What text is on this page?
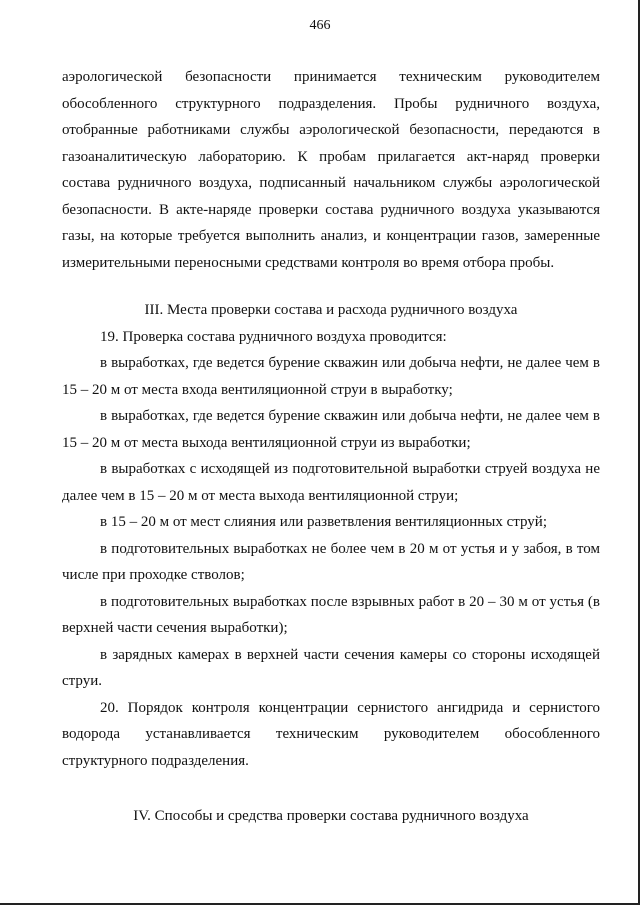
466

аэрологической безопасности принимается техническим руководителем обособленного структурного подразделения. Пробы рудничного воздуха, отобранные работниками службы аэрологической безопасности, передаются в газоаналитическую лабораторию. К пробам прилагается акт-наряд проверки состава рудничного воздуха, подписанный начальником службы аэрологической безопасности. В акте-наряде проверки состава рудничного воздуха указываются газы, на которые требуется выполнить анализ, и концентрации газов, замеренные измерительными переносными средствами контроля во время отбора пробы.

III. Места проверки состава и расхода рудничного воздуха

19. Проверка состава рудничного воздуха проводится:

в выработках, где ведется бурение скважин или добыча нефти, не далее чем в 15 – 20 м от места входа вентиляционной струи в выработку;

в выработках, где ведется бурение скважин или добыча нефти, не далее чем в 15 – 20 м от места выхода вентиляционной струи из выработки;

в выработках с исходящей из подготовительной выработки струей воздуха не далее чем в 15 – 20 м от места выхода вентиляционной струи;

в 15 – 20 м от мест слияния или разветвления вентиляционных струй;

в подготовительных выработках не более чем в 20 м от устья и у забоя, в том числе при проходке стволов;

в подготовительных выработках после взрывных работ в 20 – 30 м от устья (в верхней части сечения выработки);

в зарядных камерах в верхней части сечения камеры со стороны исходящей струи.

20. Порядок контроля концентрации сернистого ангидрида и сернистого водорода устанавливается техническим руководителем обособленного структурного подразделения.

IV. Способы и средства проверки состава рудничного воздуха
